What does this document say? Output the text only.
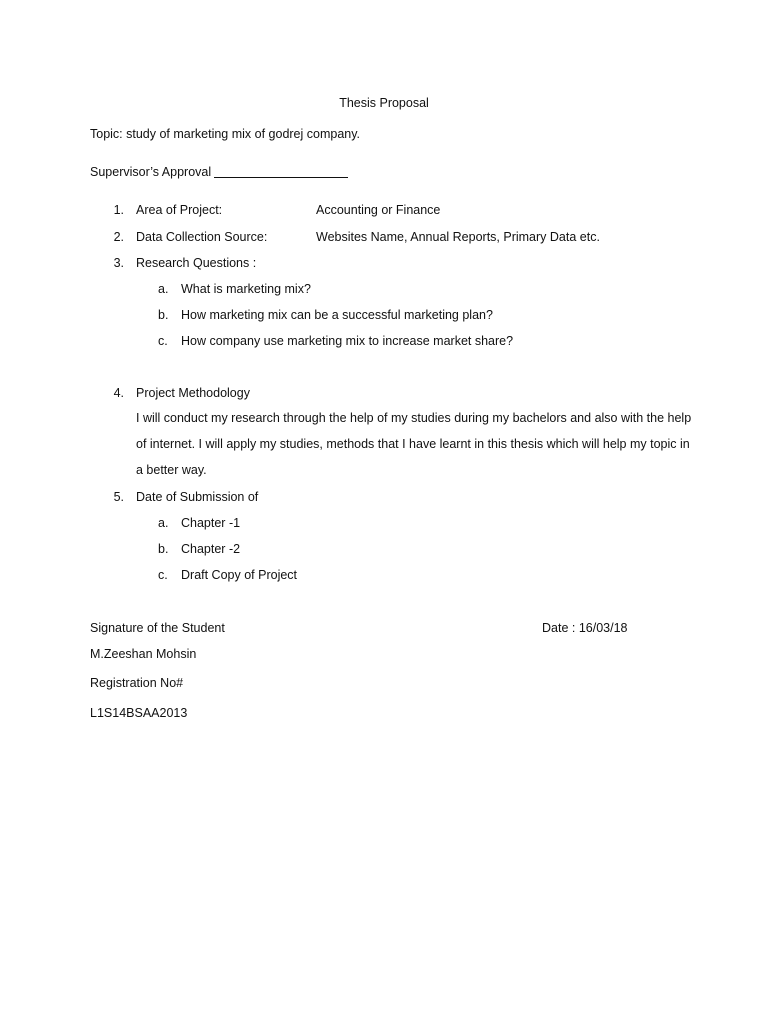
Thesis Proposal
Topic: study of marketing mix of godrej company.
Supervisor’s Approval
1. Area of Project:	Accounting or Finance
2. Data Collection Source:	Websites Name, Annual Reports, Primary Data etc.
3. Research Questions :
a. What is marketing mix?
b. How marketing mix can be a successful marketing plan?
c. How company use marketing mix to increase market share?
4. Project Methodology
I will conduct my research through the help of my studies during my bachelors and also with the help of internet. I will apply my studies, methods that I have learnt in this thesis which will help my topic in a better way.
5. Date of Submission of
a. Chapter -1
b. Chapter -2
c. Draft Copy of Project
Signature of the Student	Date : 16/03/18
M.Zeeshan Mohsin
Registration No#
L1S14BSAA2013
